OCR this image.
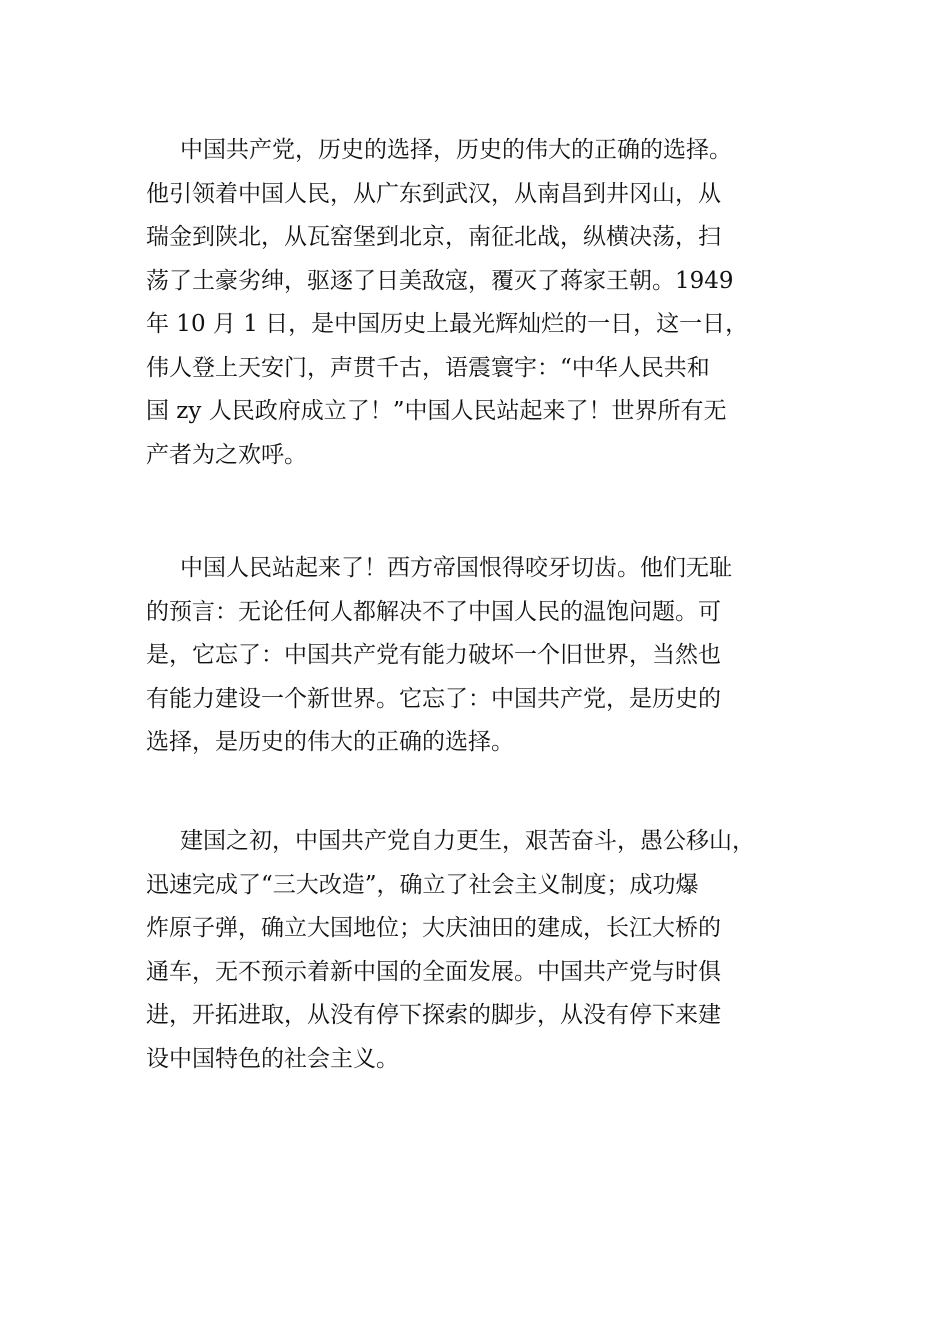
中国共产党，历史的选择，历史的伟大的正确的选择。
他引领着中国人民，从广东到武汉，从南昌到井冈山，从
瑞金到陕北，从瓦窑堡到北京，南征北战，纵横决荡，扫
荡了土豪劣绅，驱逐了日美敌寇，覆灭了蒋家王朝。1949
年 10 月 1 日，是中国历史上最光辉灿烂的一日，这一日，
伟人登上天安门，声贯千古，语震寰宇：“中华人民共和
国 zy 人民政府成立了！”中国人民站起来了！世界所有无
产者为之欢呼。

中国人民站起来了！西方帝国恨得咬牙切齿。他们无耻
的预言：无论任何人都解决不了中国人民的温饱问题。可
是，它忘了：中国共产党有能力破坏一个旧世界，当然也
有能力建设一个新世界。它忘了：中国共产党，是历史的
选择，是历史的伟大的正确的选择。

建国之初，中国共产党自力更生，艰苦奋斗，愚公移山，
迅速完成了“三大改造”，确立了社会主义制度；成功爆
炸原子弹，确立大国地位；大庆油田的建成，长江大桥的
通车，无不预示着新中国的全面发展。中国共产党与时俱
进，开拓进取，从没有停下探索的脚步，从没有停下来建
设中国特色的社会主义。
